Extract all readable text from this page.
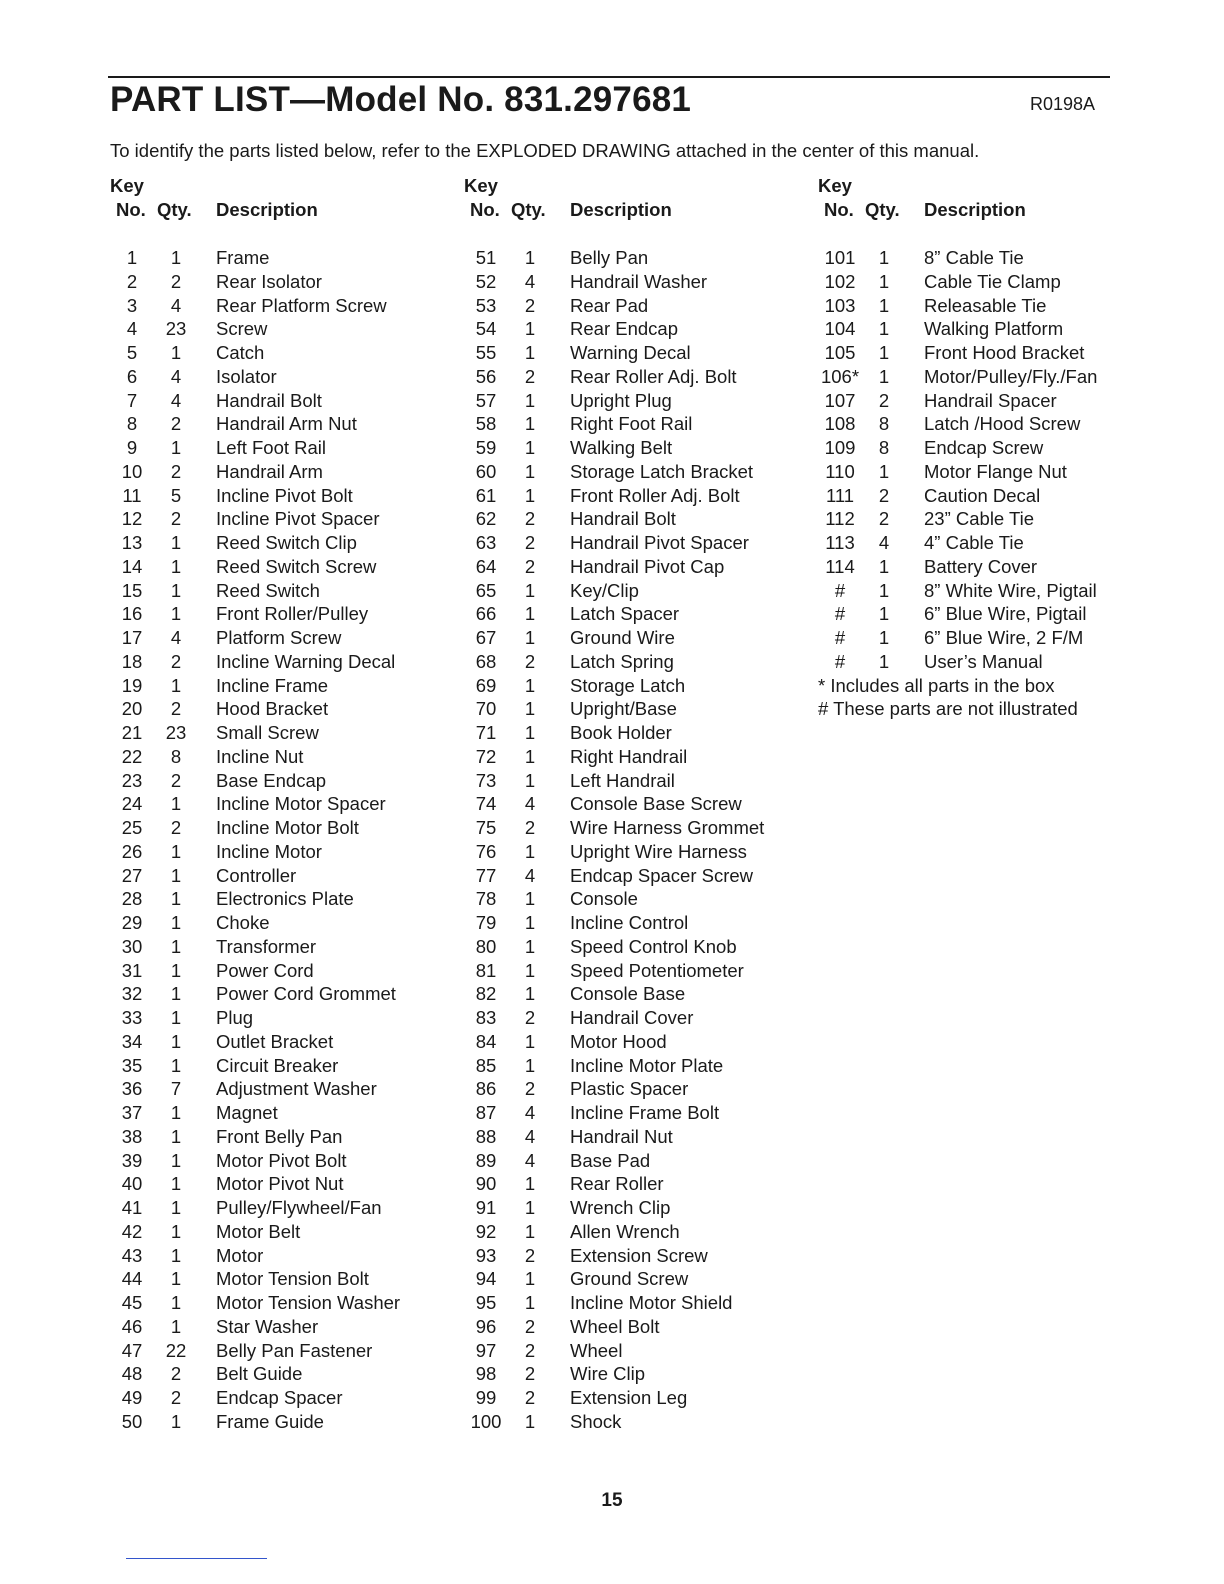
PART LIST—Model No. 831.297681	R0198A
To identify the parts listed below, refer to the EXPLODED DRAWING attached in the center of this manual.
Key
No. Qty. Description
1	1	Frame
2	2	Rear Isolator
3	4	Rear Platform Screw
4	23	Screw
5	1	Catch
6	4	Isolator
7	4	Handrail Bolt
8	2	Handrail Arm Nut
9	1	Left Foot Rail
10	2	Handrail Arm
11	5	Incline Pivot Bolt
12	2	Incline Pivot Spacer
13	1	Reed Switch Clip
14	1	Reed Switch Screw
15	1	Reed Switch
16	1	Front Roller/Pulley
17	4	Platform Screw
18	2	Incline Warning Decal
19	1	Incline Frame
20	2	Hood Bracket
21	23	Small Screw
22	8	Incline Nut
23	2	Base Endcap
24	1	Incline Motor Spacer
25	2	Incline Motor Bolt
26	1	Incline Motor
27	1	Controller
28	1	Electronics Plate
29	1	Choke
30	1	Transformer
31	1	Power Cord
32	1	Power Cord Grommet
33	1	Plug
34	1	Outlet Bracket
35	1	Circuit Breaker
36	7	Adjustment Washer
37	1	Magnet
38	1	Front Belly Pan
39	1	Motor Pivot Bolt
40	1	Motor Pivot Nut
41	1	Pulley/Flywheel/Fan
42	1	Motor Belt
43	1	Motor
44	1	Motor Tension Bolt
45	1	Motor Tension Washer
46	1	Star Washer
47	22	Belly Pan Fastener
48	2	Belt Guide
49	2	Endcap Spacer
50	1	Frame Guide
Key
No. Qty. Description
51	1	Belly Pan
52	4	Handrail Washer
53	2	Rear Pad
54	1	Rear Endcap
55	1	Warning Decal
56	2	Rear Roller Adj. Bolt
57	1	Upright Plug
58	1	Right Foot Rail
59	1	Walking Belt
60	1	Storage Latch Bracket
61	1	Front Roller Adj. Bolt
62	2	Handrail Bolt
63	2	Handrail Pivot Spacer
64	2	Handrail Pivot Cap
65	1	Key/Clip
66	1	Latch Spacer
67	1	Ground Wire
68	2	Latch Spring
69	1	Storage Latch
70	1	Upright/Base
71	1	Book Holder
72	1	Right Handrail
73	1	Left Handrail
74	4	Console Base Screw
75	2	Wire Harness Grommet
76	1	Upright Wire Harness
77	4	Endcap Spacer Screw
78	1	Console
79	1	Incline Control
80	1	Speed Control Knob
81	1	Speed Potentiometer
82	1	Console Base
83	2	Handrail Cover
84	1	Motor Hood
85	1	Incline Motor Plate
86	2	Plastic Spacer
87	4	Incline Frame Bolt
88	4	Handrail Nut
89	4	Base Pad
90	1	Rear Roller
91	1	Wrench Clip
92	1	Allen Wrench
93	2	Extension Screw
94	1	Ground Screw
95	1	Incline Motor Shield
96	2	Wheel Bolt
97	2	Wheel
98	2	Wire Clip
99	2	Extension Leg
100	1	Shock
Key
No. Qty. Description
101	1	8” Cable Tie
102	1	Cable Tie Clamp
103	1	Releasable Tie
104	1	Walking Platform
105	1	Front Hood Bracket
106*	1	Motor/Pulley/Fly./Fan
107	2	Handrail Spacer
108	8	Latch /Hood Screw
109	8	Endcap Screw
110	1	Motor Flange Nut
111	2	Caution Decal
112	2	23” Cable Tie
113	4	4” Cable Tie
114	1	Battery Cover
#	1	8” White Wire, Pigtail
#	1	6” Blue Wire, Pigtail
#	1	6” Blue Wire, 2 F/M
#	1	User’s Manual
* Includes all parts in the box
# These parts are not illustrated
15
